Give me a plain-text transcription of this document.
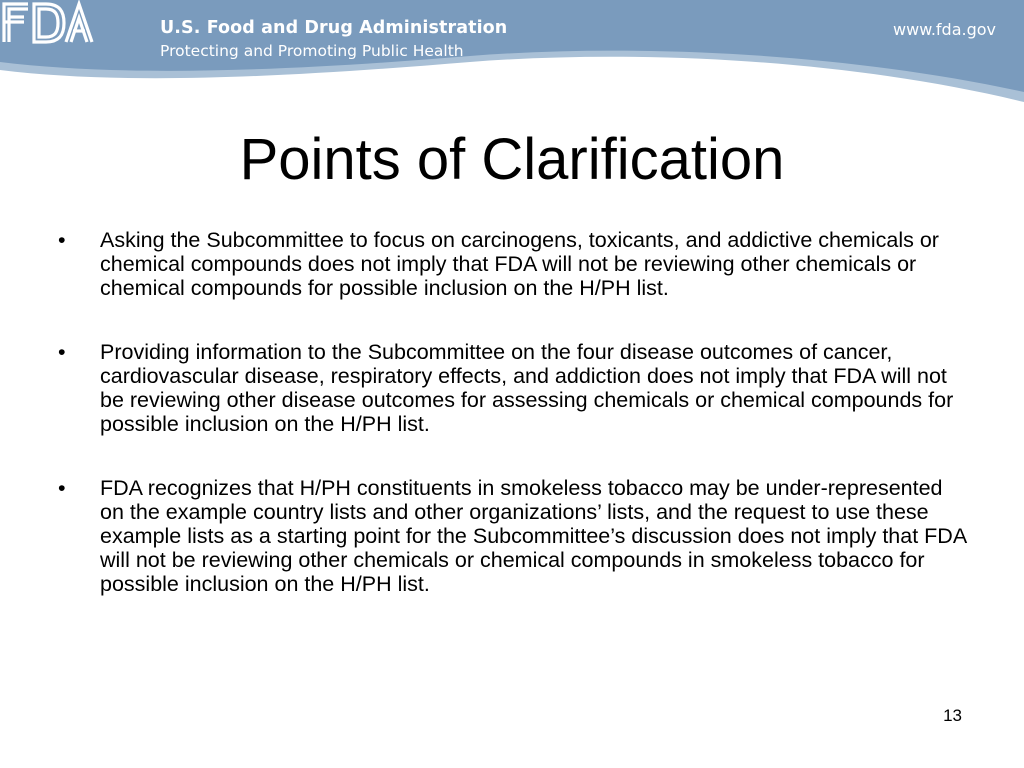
U.S. Food and Drug Administration
Protecting and Promoting Public Health
www.fda.gov
Points of Clarification
•	Asking the Subcommittee to focus on carcinogens, toxicants, and addictive chemicals or chemical compounds does not imply that FDA will not be reviewing other chemicals or chemical compounds for possible inclusion on the H/PH list.
•	Providing information to the Subcommittee on the four disease outcomes of cancer, cardiovascular disease, respiratory effects, and addiction does not imply that FDA will not be reviewing other disease outcomes for assessing chemicals or chemical compounds for possible inclusion on the H/PH list.
•	FDA recognizes that H/PH constituents in smokeless tobacco may be under-represented on the example country lists and other organizations’ lists, and the request to use these example lists as a starting point for the Subcommittee’s discussion does not imply that FDA will not be reviewing other chemicals or chemical compounds in smokeless tobacco for possible inclusion on the H/PH list.
13
